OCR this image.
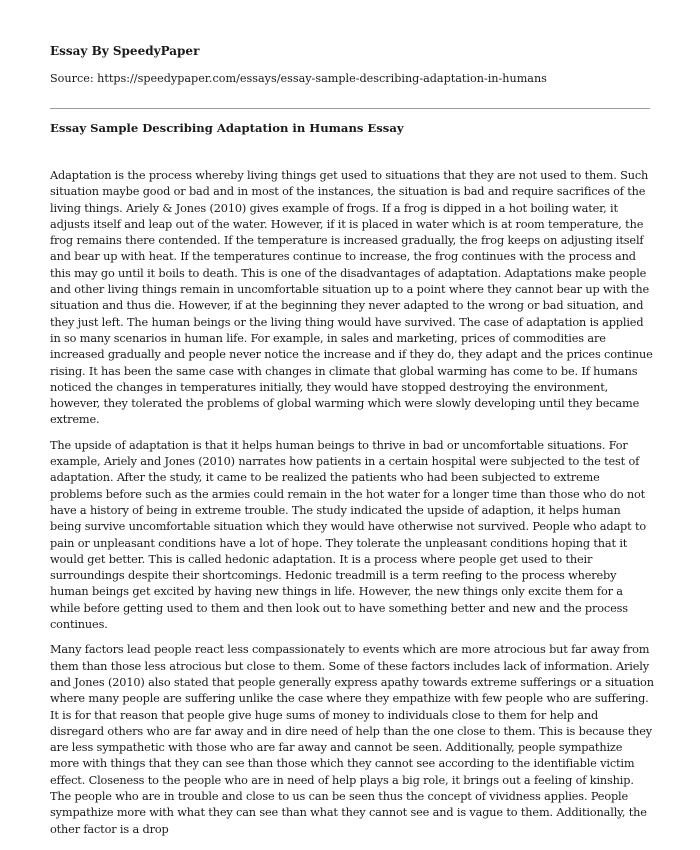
Essay By SpeedyPaper

Source: https://speedypaper.com/essays/essay-sample-describing-adaptation-in-humans

Essay Sample Describing Adaptation in Humans Essay

Adaptation is the process whereby living things get used to situations that they are not used to them. Such situation maybe good or bad and in most of the instances, the situation is bad and require sacrifices of the living things. Ariely & Jones (2010) gives example of frogs. If a frog is dipped in a hot boiling water, it adjusts itself and leap out of the water. However, if it is placed in water which is at room temperature, the frog remains there contended. If the temperature is increased gradually, the frog keeps on adjusting itself and bear up with heat. If the temperatures continue to increase, the frog continues with the process and this may go until it boils to death. This is one of the disadvantages of adaptation. Adaptations make people and other living things remain in uncomfortable situation up to a point where they cannot bear up with the situation and thus die. However, if at the beginning they never adapted to the wrong or bad situation, and they just left. The human beings or the living thing would have survived. The case of adaptation is applied in so many scenarios in human life. For example, in sales and marketing, prices of commodities are increased gradually and people never notice the increase and if they do, they adapt and the prices continue rising. It has been the same case with changes in climate that global warming has come to be. If humans noticed the changes in temperatures initially, they would have stopped destroying the environment, however, they tolerated the problems of global warming which were slowly developing until they became extreme.

The upside of adaptation is that it helps human beings to thrive in bad or uncomfortable situations. For example, Ariely and Jones (2010) narrates how patients in a certain hospital were subjected to the test of adaptation. After the study, it came to be realized the patients who had been subjected to extreme problems before such as the armies could remain in the hot water for a longer time than those who do not have a history of being in extreme trouble. The study indicated the upside of adaption, it helps human being survive uncomfortable situation which they would have otherwise not survived. People who adapt to pain or unpleasant conditions have a lot of hope. They tolerate the unpleasant conditions hoping that it would get better. This is called hedonic adaptation. It is a process where people get used to their surroundings despite their shortcomings. Hedonic treadmill is a term reefing to the process whereby human beings get excited by having new things in life. However, the new things only excite them for a while before getting used to them and then look out to have something better and new and the process continues.

Many factors lead people react less compassionately to events which are more atrocious but far away from them than those less atrocious but close to them. Some of these factors includes lack of information. Ariely and Jones (2010) also stated that people generally express apathy towards extreme sufferings or a situation where many people are suffering unlike the case where they empathize with few people who are suffering. It is for that reason that people give huge sums of money to individuals close to them for help and disregard others who are far away and in dire need of help than the one close to them. This is because they are less sympathetic with those who are far away and cannot be seen. Additionally, people sympathize more with things that they can see than those which they cannot see according to the identifiable victim effect. Closeness to the people who are in need of help plays a big role, it brings out a feeling of kinship. The people who are in trouble and close to us can be seen thus the concept of vividness applies. People sympathize more with what they can see than what they cannot see and is vague to them. Additionally, the other factor is a drop
